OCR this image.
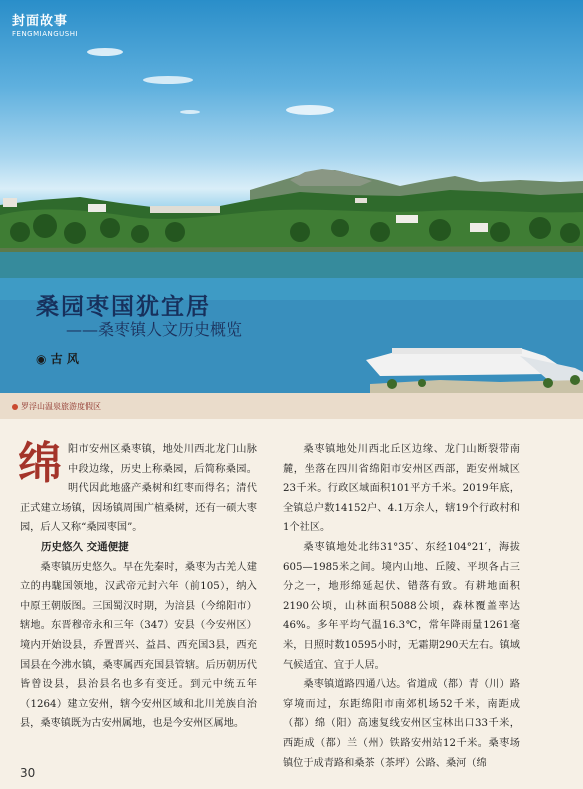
封面故事
FENGMIANGUSHI
桑园枣国犹宜居
——桑枣镇人文历史概览
◉ 古 风
罗浮山温泉旅游度假区

绵阳市安州区桑枣镇，地处川西北龙门山脉中段边缘，历史上称桑园，后简称桑园。明代因此地盛产桑树和红枣而得名；清代正式建立场镇，因场镇周围广植桑树，还有一硕大枣园，后人又称“桑园枣国”。

历史悠久 交通便捷

桑枣镇历史悠久。早在先秦时，桑枣为古羌人建立的冉駹国领地，汉武帝元封六年（前105），纳入中原王朝版图。三国蜀汉时期，为涪县（今绵阳市）辖地。东晋穆帝永和三年（347）安县（今安州区）境内开始设县，乔置晋兴、益昌、西充国3县，西充国县在今沸水镇，桑枣属西充国县管辖。后历朝历代皆曾设县，县治县名也多有变迁。到元中统五年（1264）建立安州，辖今安州区域和北川羌族自治县，桑枣镇既为古安州属地，也是今安州区属地。

桑枣镇地处川西北丘区边缘、龙门山断裂带南麓，坐落在四川省绵阳市安州区西部，距安州城区23千米。行政区域面积101平方千米。2019年底，全镇总户数14152户、4.1万余人，辖19个行政村和1个社区。

桑枣镇地处北纬31°35′、东经104°21′，海拔605—1985米之间。境内山地、丘陵、平坝各占三分之一，地形绵延起伏、错落有致。有耕地面积2190公顷，山林面积5088公顷，森林覆盖率达46%。多年平均气温16.3℃，常年降雨量1261毫米，日照时数10595小时，无霜期290天左右。镇域气候适宜、宜于人居。

桑枣镇道路四通八达。省道成（都）青（川）路穿境而过，东距绵阳市南郊机场52千米，南距成（都）绵（阳）高速复线安州区宝林出口33千米，西距成（都）兰（州）铁路安州站12千米。桑枣场镇位于成青路和桑茶（茶坪）公路、桑河（绵

30
